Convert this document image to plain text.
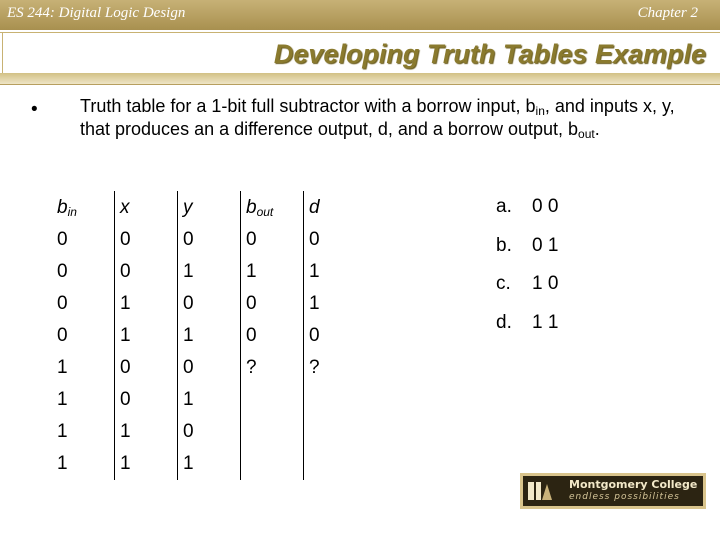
ES 244: Digital Logic Design	Chapter 2
Developing Truth Tables Example
• Truth table for a 1-bit full subtractor with a borrow input, $b_{in}$, and inputs x, y, that produces an a difference output, d, and a borrow output, $b_{out}$.
$b_{in}$	x	y	$b_{out}$	d
0	0	0	0	0
0	0	1	1	1
0	1	0	0	1
0	1	1	0	0
1	0	0	?	?
1	0	1		
1	1	0		
1	1	1		
a. 0 0
b. 0 1
c. 1 0
d. 1 1
Montgomery College
endless possibilities
